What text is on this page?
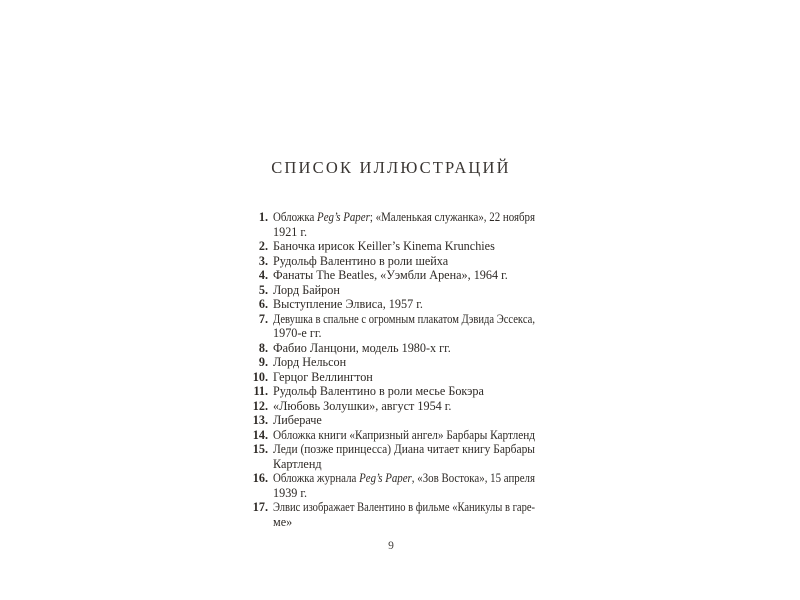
СПИСОК ИЛЛЮСТРАЦИЙ
1. Обложка Peg’s Paper; «Маленькая служанка», 22 ноября
1921 г.
2. Баночка ирисок Keiller’s Kinema Krunchies
3. Рудольф Валентино в роли шейха
4. Фанаты The Beatles, «Уэмбли Арена», 1964 г.
5. Лорд Байрон
6. Выступление Элвиса, 1957 г.
7. Девушка в спальне с огромным плакатом Дэвида Эссекса,
1970-е гг.
8. Фабио Ланцони, модель 1980-х гг.
9. Лорд Нельсон
10. Герцог Веллингтон
11. Рудольф Валентино в роли месье Бокэра
12. «Любовь Золушки», август 1954 г.
13. Либераче
14. Обложка книги «Капризный ангел» Барбары Картленд
15. Леди (позже принцесса) Диана читает книгу Барбары
Картленд
16. Обложка журнала Peg’s Paper, «Зов Востока», 15 апреля
1939 г.
17. Элвис изображает Валентино в фильме «Каникулы в гаре-
ме»
9
